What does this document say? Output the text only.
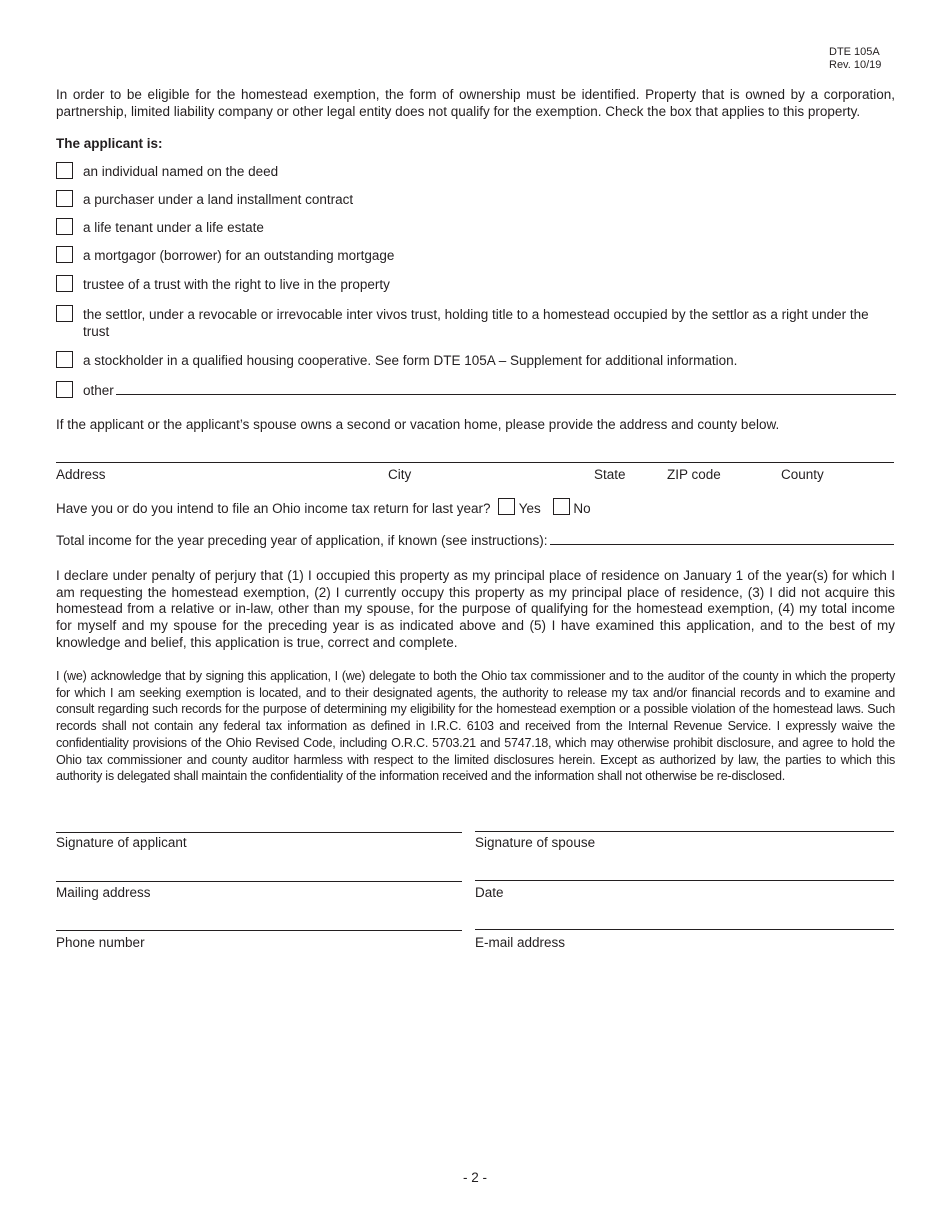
DTE 105A
Rev. 10/19
In order to be eligible for the homestead exemption, the form of ownership must be identified. Property that is owned by a corporation, partnership, limited liability company or other legal entity does not qualify for the exemption. Check the box that applies to this property.
The applicant is:
an individual named on the deed
a purchaser under a land installment contract
a life tenant under a life estate
a mortgagor (borrower) for an outstanding mortgage
trustee of a trust with the right to live in the property
the settlor, under a revocable or irrevocable inter vivos trust, holding title to a homestead occupied by the settlor as a right under the trust
a stockholder in a qualified housing cooperative. See form DTE 105A – Supplement for additional information.
other
If the applicant or the applicant’s spouse owns a second or vacation home, please provide the address and county below.
Address	City	State	ZIP code	County
Have you or do you intend to file an Ohio income tax return for last year? Yes No
Total income for the year preceding year of application, if known (see instructions):
I declare under penalty of perjury that (1) I occupied this property as my principal place of residence on January 1 of the year(s) for which I am requesting the homestead exemption, (2) I currently occupy this property as my principal place of residence, (3) I did not acquire this homestead from a relative or in-law, other than my spouse, for the purpose of qualifying for the homestead exemption, (4) my total income for myself and my spouse for the preceding year is as indicated above and (5) I have examined this application, and to the best of my knowledge and belief, this application is true, correct and complete.
I (we) acknowledge that by signing this application, I (we) delegate to both the Ohio tax commissioner and to the auditor of the county in which the property for which I am seeking exemption is located, and to their designated agents, the authority to release my tax and/or financial records and to examine and consult regarding such records for the purpose of determining my eligibility for the homestead exemption or a possible violation of the homestead laws. Such records shall not contain any federal tax information as defined in I.R.C. 6103 and received from the Internal Revenue Service. I expressly waive the confidentiality provisions of the Ohio Revised Code, including O.R.C. 5703.21 and 5747.18, which may otherwise prohibit disclosure, and agree to hold the Ohio tax commissioner and county auditor harmless with respect to the limited disclosures herein. Except as authorized by law, the parties to which this authority is delegated shall maintain the confidentiality of the information received and the information shall not otherwise be re-disclosed.
Signature of applicant	Signature of spouse
Mailing address	Date
Phone number	E-mail address
- 2 -
